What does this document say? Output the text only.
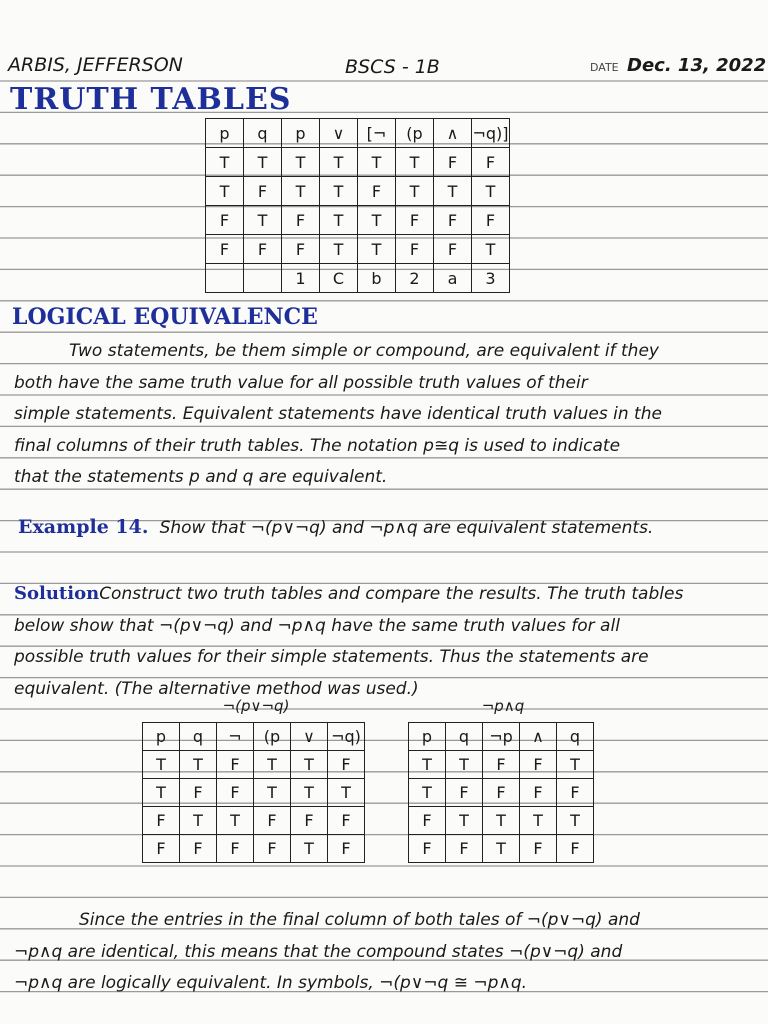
ARBIS, JEFFERSON	BSCS - 1B	DATE Dec. 13, 2022
TRUTH TABLES
p	q	p	∨	[¬	(p	∧	¬q)]
T	T	T	T	T	T	F	F
T	F	T	T	F	T	T	T
F	T	F	T	T	F	F	F
F	F	F	T	T	F	F	T
		1	C	b	2	a	3
LOGICAL EQUIVALENCE
Two statements, be them simple or compound, are equivalent if they
both have the same truth value for all possible truth values of their
simple statements. Equivalent statements have identical truth values in the
final columns of their truth tables. The notation p≅q is used to indicate
that the statements p and q are equivalent.
Example 14. Show that ¬(p∨¬q) and ¬p∧q are equivalent statements.
SolutionConstruct two truth tables and compare the results. The truth tables
below show that ¬(p∨¬q) and ¬p∧q have the same truth values for all
possible truth values for their simple statements. Thus the statements are
equivalent. (The alternative method was used.)
¬(p∨¬q)
p	q	¬	(p	∨	¬q)
T	T	F	T	T	F
T	F	F	T	T	T
F	T	T	F	F	F
F	F	F	F	T	F
¬p∧q
p	q	¬p	∧	q
T	T	F	F	T
T	F	F	F	F
F	T	T	T	T
F	F	T	F	F
Since the entries in the final column of both tales of ¬(p∨¬q) and
¬p∧q are identical, this means that the compound states ¬(p∨¬q) and
¬p∧q are logically equivalent. In symbols, ¬(p∨¬q ≅ ¬p∧q.
